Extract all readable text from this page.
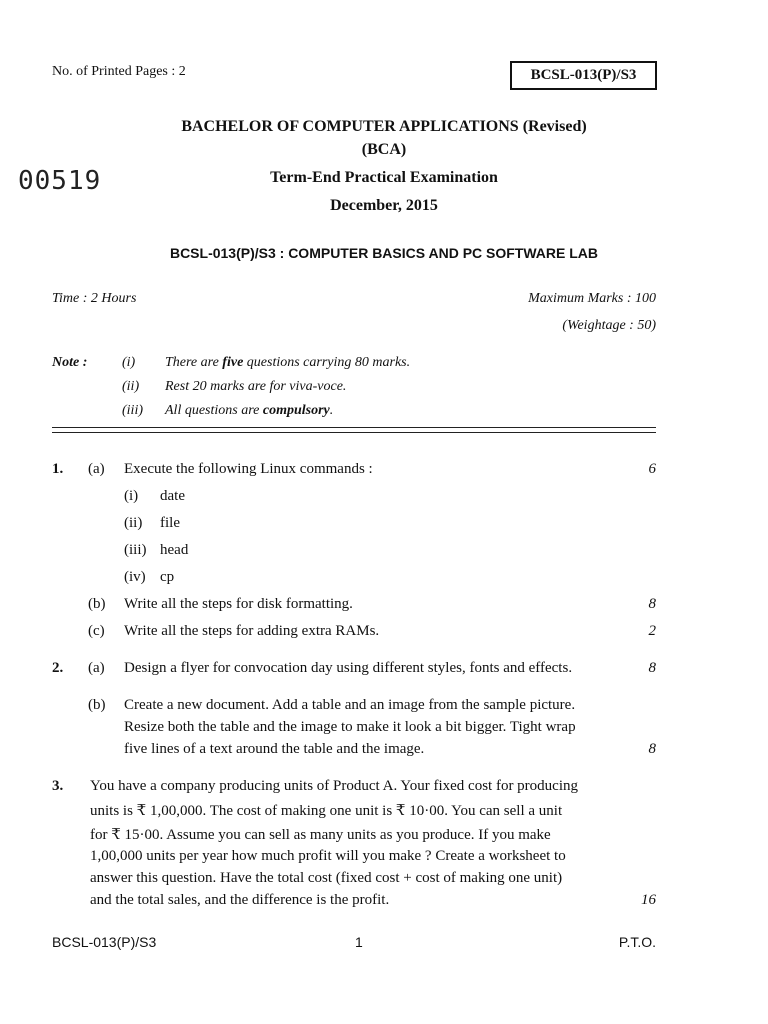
No. of Printed Pages : 2	BCSL-013(P)/S3
BACHELOR OF COMPUTER APPLICATIONS (Revised)
(BCA)
00519	Term-End Practical Examination
December, 2015
BCSL-013(P)/S3 : COMPUTER BASICS AND PC SOFTWARE LAB
Time : 2 Hours	Maximum Marks : 100
(Weightage : 50)
Note : (i) There are five questions carrying 80 marks.
(ii) Rest 20 marks are for viva-voce.
(iii) All questions are compulsory.
1. (a) Execute the following Linux commands :	6
(i) date
(ii) file
(iii) head
(iv) cp
(b) Write all the steps for disk formatting.	8
(c) Write all the steps for adding extra RAMs.	2
2. (a) Design a flyer for convocation day using different styles, fonts and effects.	8
(b) Create a new document. Add a table and an image from the sample picture.
Resize both the table and the image to make it look a bit bigger. Tight wrap
five lines of a text around the table and the image.	8
3. You have a company producing units of Product A. Your fixed cost for producing
units is ₹ 1,00,000. The cost of making one unit is ₹ 10·00. You can sell a unit
for ₹ 15·00. Assume you can sell as many units as you produce. If you make
1,00,000 units per year how much profit will you make ? Create a worksheet to
answer this question. Have the total cost (fixed cost + cost of making one unit)
and the total sales, and the difference is the profit.	16
BCSL-013(P)/S3	1	P.T.O.
